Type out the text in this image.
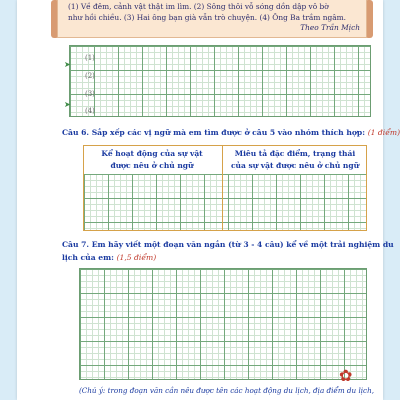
(1) Về đêm, cảnh vật thật im lìm. (2) Sông thôi vỗ sóng dồn dập vô bờ
như hồi chiều. (3) Hai ông bạn già vẫn trò chuyện. (4) Ông Ba trầm ngâm.
Theo Trần Mịch
➤
➤
(1)
(2)
(3)
(4)
Câu 6. Sắp xếp các vị ngữ mà em tìm được ở câu 5 vào nhóm thích hợp: (1 điểm)
Kể hoạt động của sự vật
được nêu ở chủ ngữ
Miêu tả đặc điểm, trạng thái
của sự vật được nêu ở chủ ngữ
Câu 7. Em hãy viết một đoạn văn ngắn (từ 3 - 4 câu) kể về một trải nghiệm du
lịch của em: (1,5 điểm)
✿
(Chú ý: trong đoạn văn cần nêu được tên các hoạt động du lịch, địa điểm du lịch,
